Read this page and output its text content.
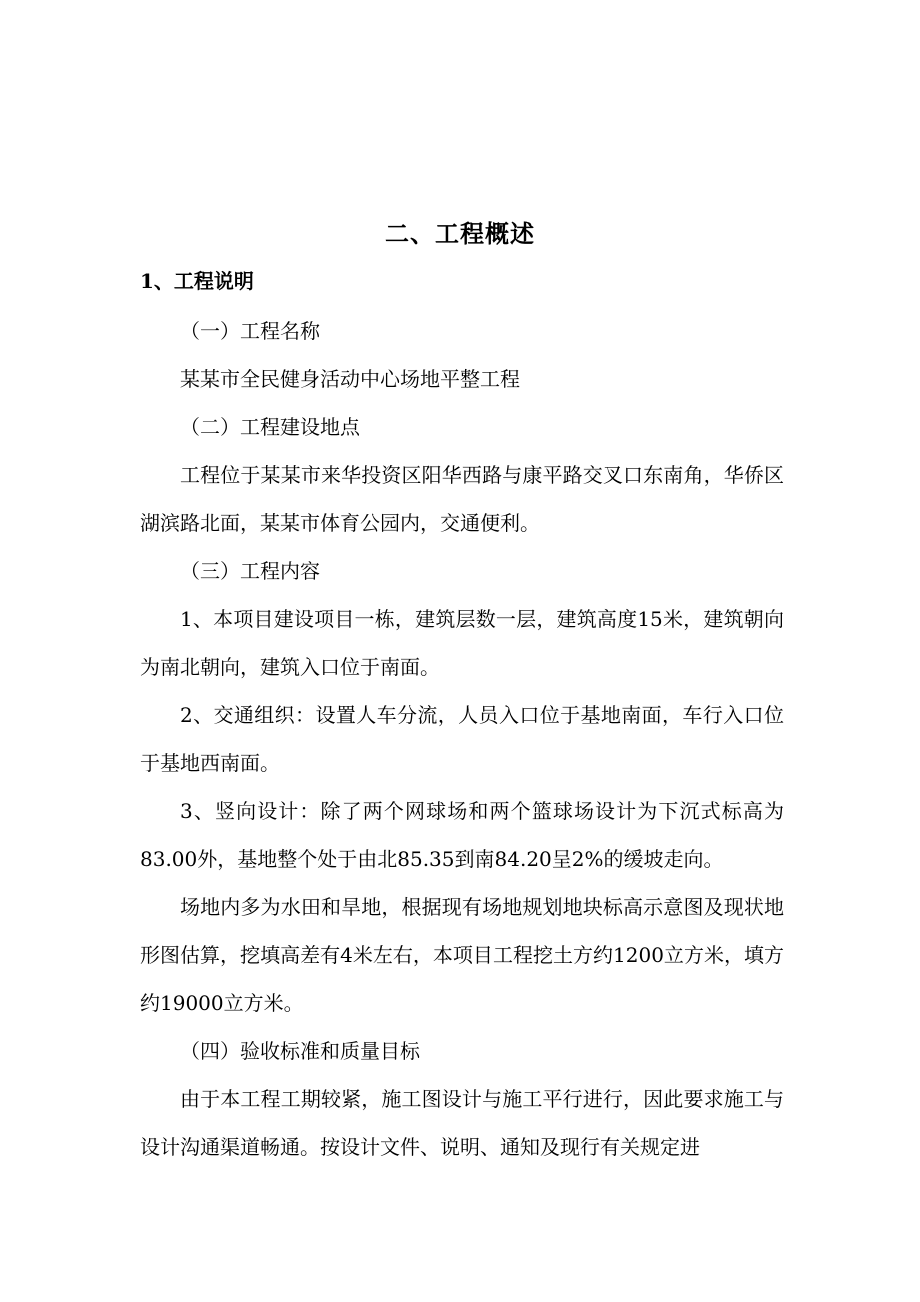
二、工程概述
1、工程说明

（一）工程名称

某某市全民健身活动中心场地平整工程

（二）工程建设地点

工程位于某某市来华投资区阳华西路与康平路交叉口东南角，华侨区湖滨路北面，某某市体育公园内，交通便利。

（三）工程内容

1、本项目建设项目一栋，建筑层数一层，建筑高度15米，建筑朝向为南北朝向，建筑入口位于南面。

2、交通组织：设置人车分流，人员入口位于基地南面，车行入口位于基地西南面。

3、竖向设计：除了两个网球场和两个篮球场设计为下沉式标高为83.00外，基地整个处于由北85.35到南84.20呈2%的缓坡走向。

场地内多为水田和旱地，根据现有场地规划地块标高示意图及现状地形图估算，挖填高差有4米左右，本项目工程挖土方约1200立方米，填方约19000立方米。

（四）验收标准和质量目标

由于本工程工期较紧，施工图设计与施工平行进行，因此要求施工与设计沟通渠道畅通。按设计文件、说明、通知及现行有关规定进
